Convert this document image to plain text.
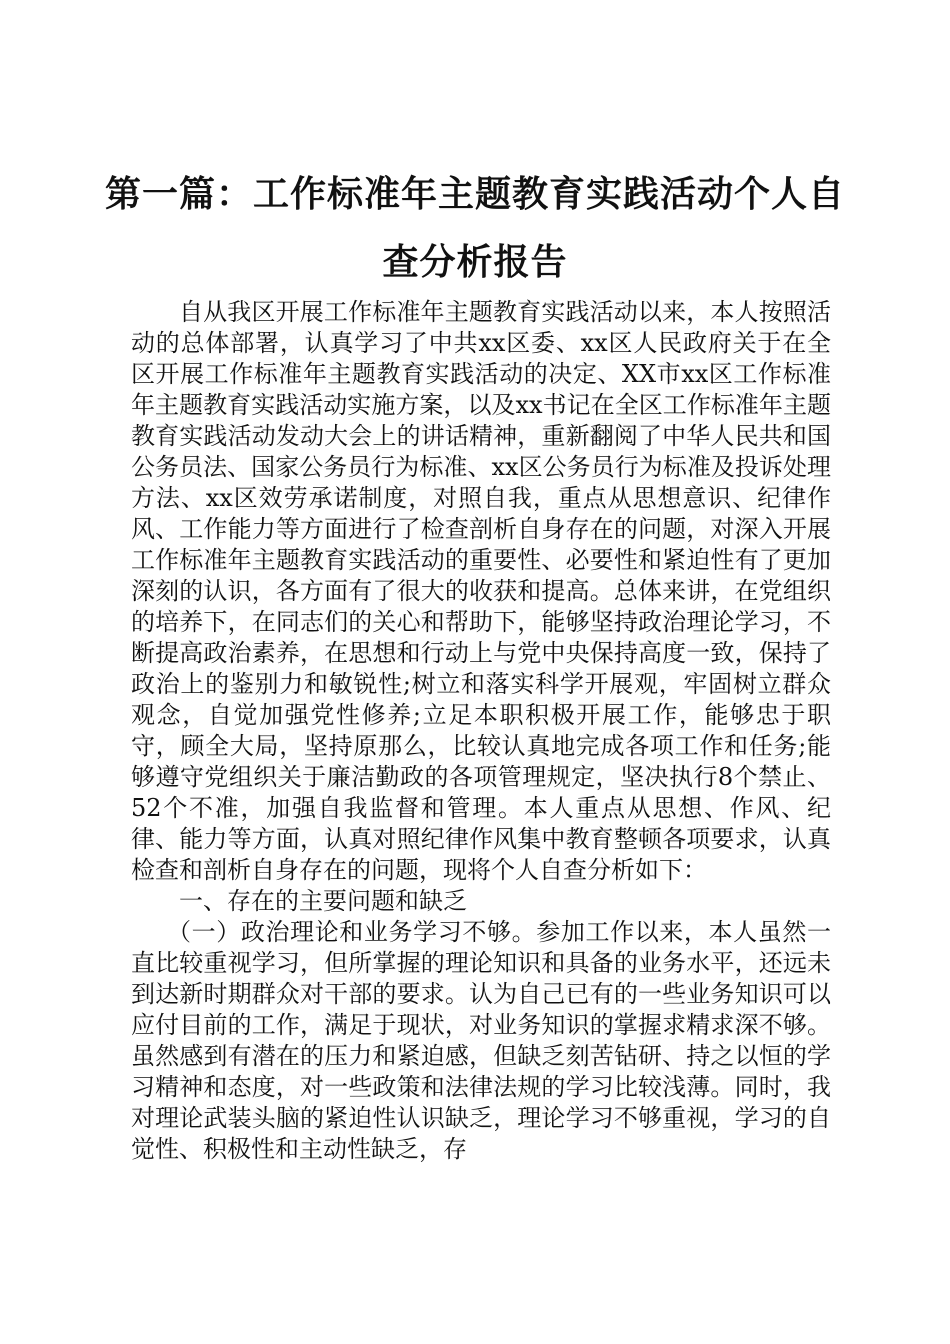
第一篇：工作标准年主题教育实践活动个人自查分析报告

自从我区开展工作标准年主题教育实践活动以来，本人按照活动的总体部署，认真学习了中共xx区委、xx区人民政府关于在全区开展工作标准年主题教育实践活动的决定、XX市xx区工作标准年主题教育实践活动实施方案，以及xx书记在全区工作标准年主题教育实践活动发动大会上的讲话精神，重新翻阅了中华人民共和国公务员法、国家公务员行为标准、xx区公务员行为标准及投诉处理方法、xx区效劳承诺制度，对照自我，重点从思想意识、纪律作风、工作能力等方面进行了检查剖析自身存在的问题，对深入开展工作标准年主题教育实践活动的重要性、必要性和紧迫性有了更加深刻的认识，各方面有了很大的收获和提高。总体来讲，在党组织的培养下，在同志们的关心和帮助下，能够坚持政治理论学习，不断提高政治素养，在思想和行动上与党中央保持高度一致，保持了政治上的鉴别力和敏锐性;树立和落实科学开展观，牢固树立群众观念，自觉加强党性修养;立足本职积极开展工作，能够忠于职守，顾全大局，坚持原那么，比较认真地完成各项工作和任务;能够遵守党组织关于廉洁勤政的各项管理规定，坚决执行8个禁止、52个不准，加强自我监督和管理。本人重点从思想、作风、纪律、能力等方面，认真对照纪律作风集中教育整顿各项要求，认真检查和剖析自身存在的问题，现将个人自查分析如下：

一、存在的主要问题和缺乏

（一）政治理论和业务学习不够。参加工作以来，本人虽然一直比较重视学习，但所掌握的理论知识和具备的业务水平，还远未到达新时期群众对干部的要求。认为自己已有的一些业务知识可以应付目前的工作，满足于现状，对业务知识的掌握求精求深不够。虽然感到有潜在的压力和紧迫感，但缺乏刻苦钻研、持之以恒的学习精神和态度，对一些政策和法律法规的学习比较浅薄。同时，我对理论武装头脑的紧迫性认识缺乏，理论学习不够重视，学习的自觉性、积极性和主动性缺乏，存
